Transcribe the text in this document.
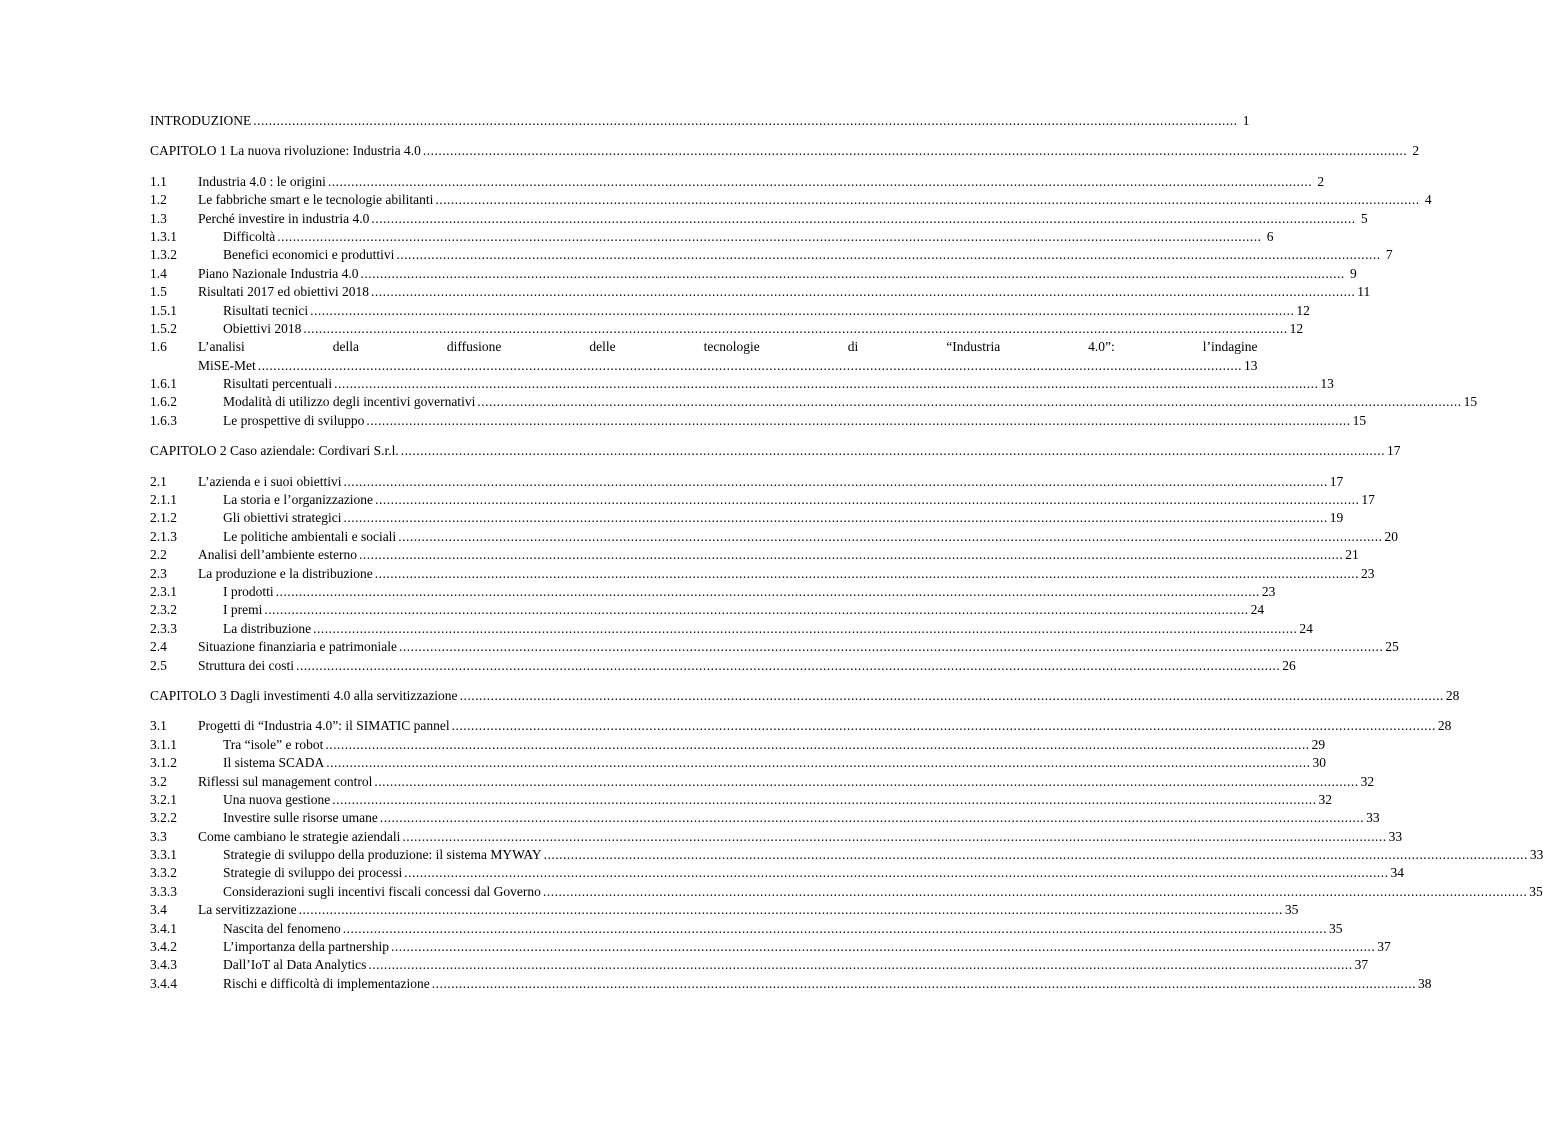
INTRODUZIONE .....	1
CAPITOLO 1 La nuova rivoluzione: Industria 4.0 .....	2
1.1	Industria 4.0 : le origini .....	2
1.2	Le fabbriche smart e le tecnologie abilitanti .....	4
1.3	Perché investire in industria 4.0 .....	5
1.3.1	Difficoltà .....	6
1.3.2	Benefici economici e produttivi .....	7
1.4	Piano Nazionale Industria 4.0 .....	9
1.5	Risultati 2017 ed obiettivi 2018 .....	11
1.5.1	Risultati tecnici .....	12
1.5.2	Obiettivi 2018 .....	12
1.6	L’analisi della diffusione delle tecnologie di “Industria 4.0”: l’indagine
MiSE-Met .....	13
1.6.1	Risultati percentuali .....	13
1.6.2	Modalità di utilizzo degli incentivi governativi .....	15
1.6.3	Le prospettive di sviluppo .....	15
CAPITOLO 2 Caso aziendale: Cordivari S.r.l. .....	17
2.1	L’azienda e i suoi obiettivi .....	17
2.1.1	La storia e l’organizzazione .....	17
2.1.2	Gli obiettivi strategici .....	19
2.1.3	Le politiche ambientali e sociali .....	20
2.2	Analisi dell’ambiente esterno .....	21
2.3	La produzione e la distribuzione .....	23
2.3.1	I prodotti .....	23
2.3.2	I premi .....	24
2.3.3	La distribuzione .....	24
2.4	Situazione finanziaria e patrimoniale .....	25
2.5	Struttura dei costi .....	26
CAPITOLO 3 Dagli investimenti 4.0 alla servitizzazione .....	28
3.1	Progetti di “Industria 4.0”: il SIMATIC pannel .....	28
3.1.1	Tra “isole” e robot .....	29
3.1.2	Il sistema SCADA .....	30
3.2	Riflessi sul management control .....	32
3.2.1	Una nuova gestione .....	32
3.2.2	Investire sulle risorse umane .....	33
3.3	Come cambiano le strategie aziendali .....	33
3.3.1	Strategie di sviluppo della produzione: il sistema MYWAY .....	33
3.3.2	Strategie di sviluppo dei processi .....	34
3.3.3	Considerazioni sugli incentivi fiscali concessi dal Governo .....	35
3.4	La servitizzazione .....	35
3.4.1	Nascita del fenomeno .....	35
3.4.2	L’importanza della partnership .....	37
3.4.3	Dall’IoT al Data Analytics .....	37
3.4.4	Rischi e difficoltà di implementazione .....	38
